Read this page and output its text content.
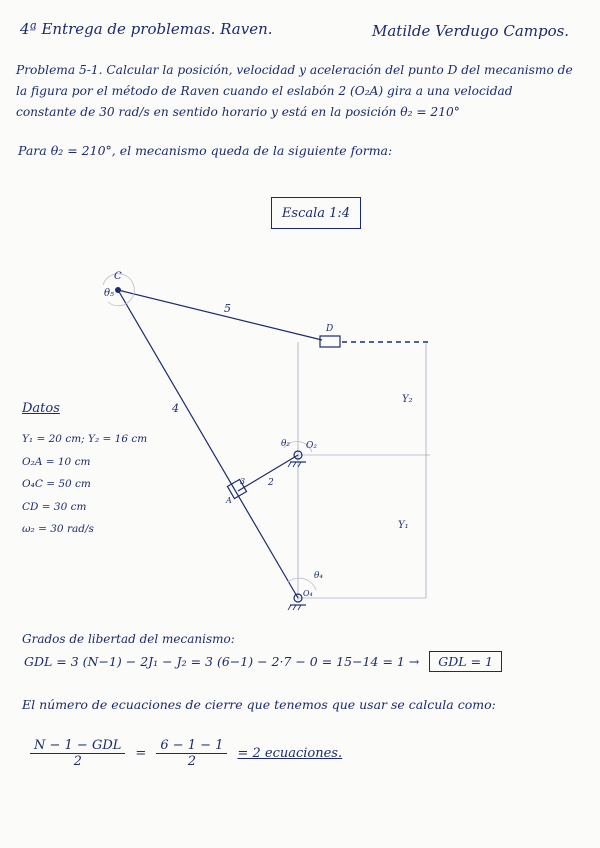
4ª Entrega de problemas. Raven.	Matilde Verdugo Campos.
Problema 5-1. Calcular la posición, velocidad y aceleración del punto D del mecanismo de la figura por el método de Raven cuando el eslabón 2 (O₂A) gira a una velocidad constante de 30 rad/s en sentido horario y está en la posición θ₂ = 210°
Para θ₂ = 210°, el mecanismo queda de la siguiente forma:
Escala 1:4
C
θ₅
D
5
4
2
3
A
θ₂ O₂
θ₄
O₄
Y₂
Y₁
Datos
Y₁ = 20 cm; Y₂ = 16 cm
O₂A = 10 cm
O₄C = 50 cm
CD = 30 cm
ω₂ = 30 rad/s
Grados de libertad del mecanismo:
GDL = 3 (N−1) − 2J₁ − J₂ = 3 (6−1) − 2·7 − 0 = 15−14 = 1 → GDL = 1
El número de ecuaciones de cierre que tenemos que usar se calcula como:
$\frac{\text{N − 1 − GDL}}{2} = \frac{6 - 1 - 1}{2} = 2$ ecuaciones.
